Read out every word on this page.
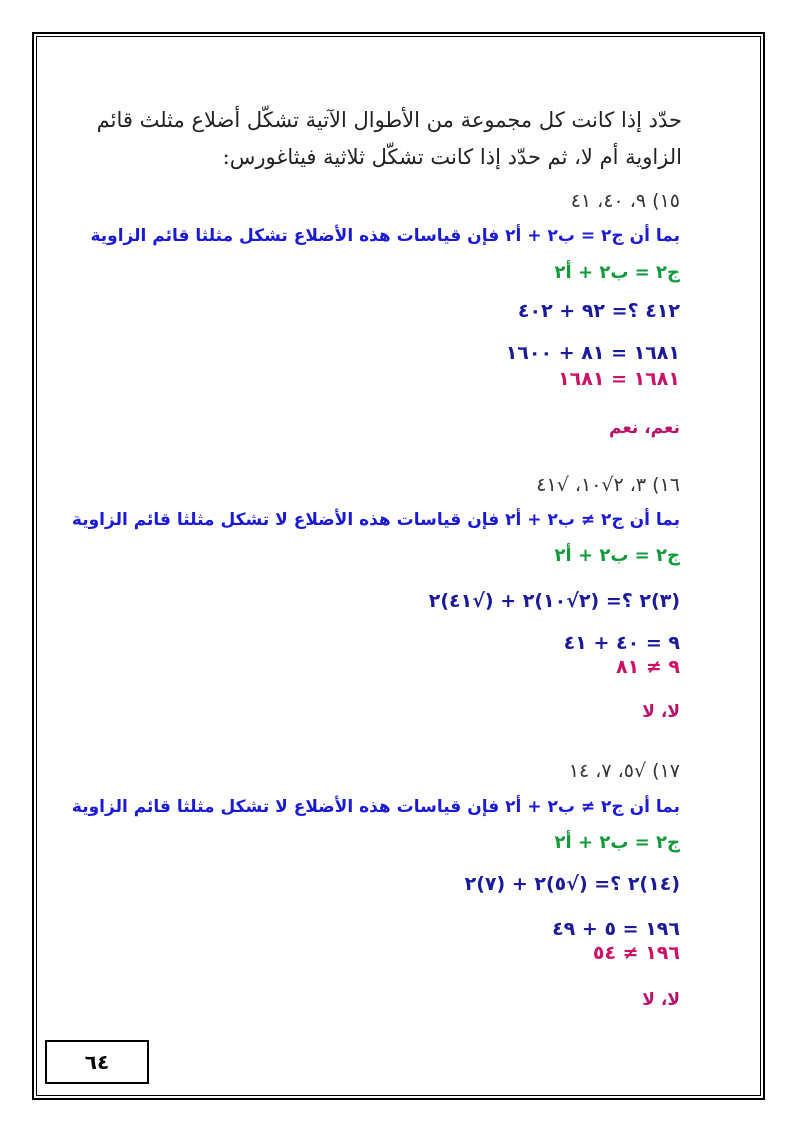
حدّد إذا كانت كل مجموعة من الأطوال الآتية تشكّل أضلاع مثلث قائم
الزاوية أم لا، ثم حدّد إذا كانت تشكّل ثلاثية فيثاغورس:
١٥) ٩، ٤٠، ٤١
بما أن ج٢ = ب٢ + أ٢ فإن قياسات هذه الأضلاع تشكل مثلثا قائم الزاوية
ج٢ = ب٢ + أ٢
٤١٢ ؟= ٩٢ + ٤٠٢
١٦٨١ = ٨١ + ١٦٠٠
١٦٨١ = ١٦٨١
نعم، نعم
١٦) ٣، ٢√١٠، √٤١
بما أن ج٢ ≠ ب٢ + أ٢ فإن قياسات هذه الأضلاع لا تشكل مثلثا قائم الزاوية
ج٢ = ب٢ + أ٢
(٣)٢ ؟= (٢√١٠)٢ + (√٤١)٢
٩ = ٤٠ + ٤١
٩ ≠ ٨١
لا، لا
١٧) √٥، ٧، ١٤
بما أن ج٢ ≠ ب٢ + أ٢ فإن قياسات هذه الأضلاع لا تشكل مثلثا قائم الزاوية
ج٢ = ب٢ + أ٢
(١٤)٢ ؟= (√٥)٢ + (٧)٢
١٩٦ = ٥ + ٤٩
١٩٦ ≠ ٥٤
لا، لا
٦٤
